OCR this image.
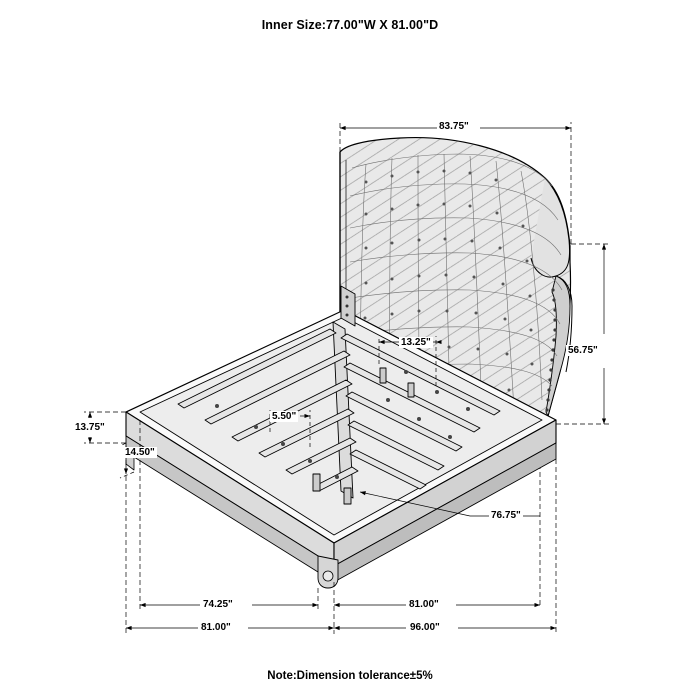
Inner Size:77.00"W X 81.00"D
83.75"
56.75"
13.25"
5.50"
76.75"
13.75"
14.50"
74.25"
81.00"
81.00"
96.00"
Note:Dimension tolerance±5%
